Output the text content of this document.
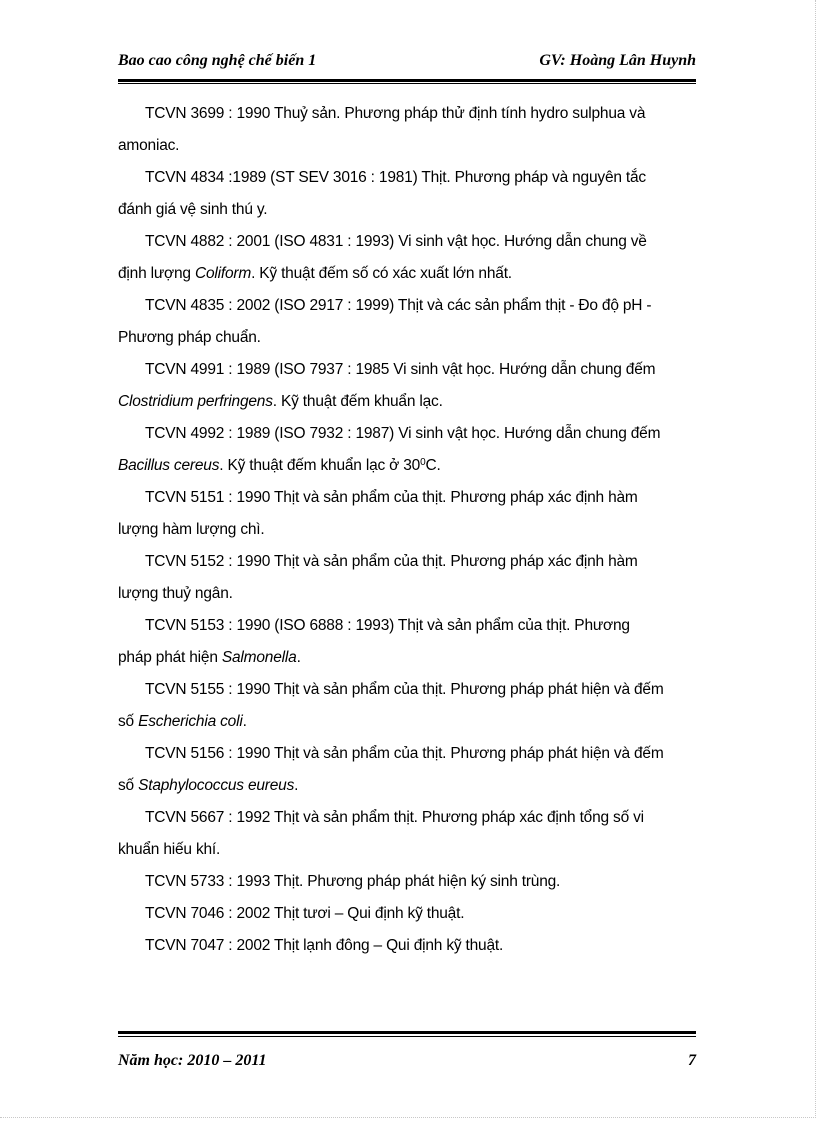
Bao cao công nghệ chế biến 1	GV: Hoàng Lân Huynh

TCVN 3699 : 1990 Thuỷ sản. Phương pháp thử định tính hydro sulphua và
amoniac.

TCVN 4834 :1989 (ST SEV 3016 : 1981) Thịt. Phương pháp và nguyên tắc
đánh giá vệ sinh thú y.

TCVN 4882 : 2001 (ISO 4831 : 1993) Vi sinh vật học. Hướng dẫn chung về
định lượng Coliform. Kỹ thuật đếm số có xác xuất lớn nhất.

TCVN 4835 : 2002 (ISO 2917 : 1999) Thịt và các sản phẩm thịt - Đo độ pH -
Phương pháp chuẩn.

TCVN 4991 : 1989 (ISO 7937 : 1985 Vi sinh vật học. Hướng dẫn chung đếm
Clostridium perfringens. Kỹ thuật đếm khuẩn lạc.

TCVN 4992 : 1989 (ISO 7932 : 1987) Vi sinh vật học. Hướng dẫn chung đếm
Bacillus cereus. Kỹ thuật đếm khuẩn lạc ở $30^0C$.

TCVN 5151 : 1990 Thịt và sản phẩm của thịt. Phương pháp xác định hàm
lượng hàm lượng chì.

TCVN 5152 : 1990 Thịt và sản phẩm của thịt. Phương pháp xác định hàm
lượng thuỷ ngân.

TCVN 5153 : 1990 (ISO 6888 : 1993) Thịt và sản phẩm của thịt. Phương
pháp phát hiện Salmonella.

TCVN 5155 : 1990 Thịt và sản phẩm của thịt. Phương pháp phát hiện và đếm
số Escherichia coli.

TCVN 5156 : 1990 Thịt và sản phẩm của thịt. Phương pháp phát hiện và đếm
số Staphylococcus eureus.

TCVN 5667 : 1992 Thịt và sản phẩm thịt. Phương pháp xác định tổng số vi
khuẩn hiếu khí.

TCVN 5733 : 1993 Thịt. Phương pháp phát hiện ký sinh trùng.

TCVN 7046 : 2002 Thịt tươi – Qui định kỹ thuật.

TCVN 7047 : 2002 Thịt lạnh đông – Qui định kỹ thuật.

Năm học: 2010 – 2011	7
